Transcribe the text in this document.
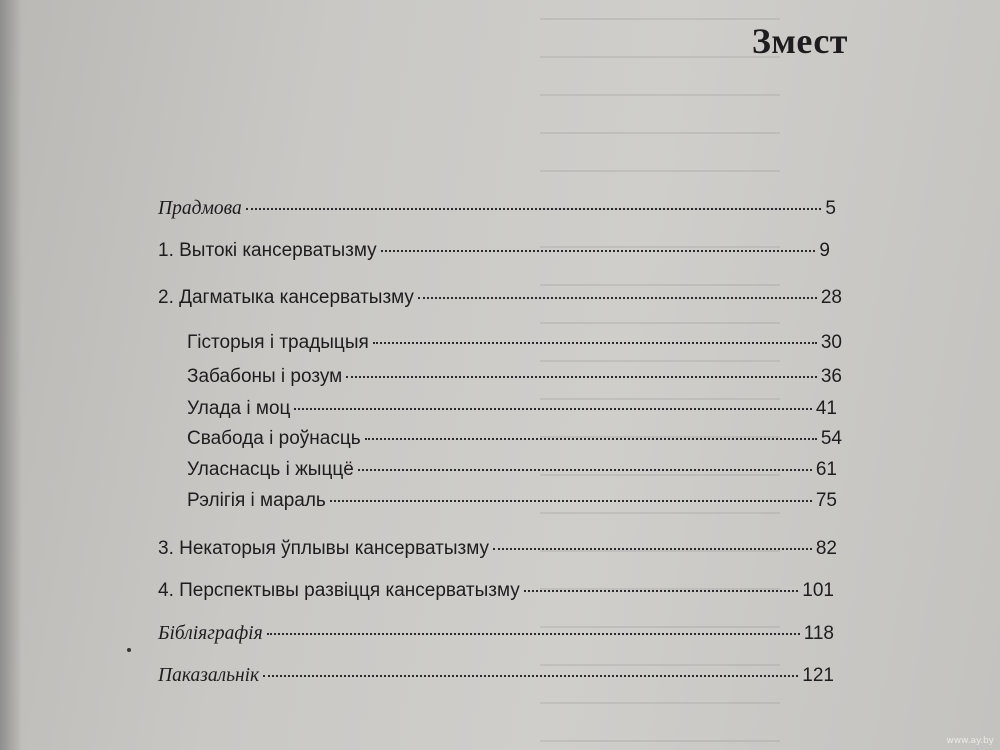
Змест
Прадмова	5
1. Вытокі кансерватызму	9
2. Дагматыка кансерватызму	28
Гісторыя і традыцыя	30
Забабоны і розум	36
Улада і моц	41
Свабода і роўнасць	54
Уласнасць і жыццё	61
Рэлігія і мараль	75
3. Некаторыя ўплывы кансерватызму	82
4. Перспектывы развіцця кансерватызму	101
Бібліяграфія	118
Паказальнік	121
www.ay.by
